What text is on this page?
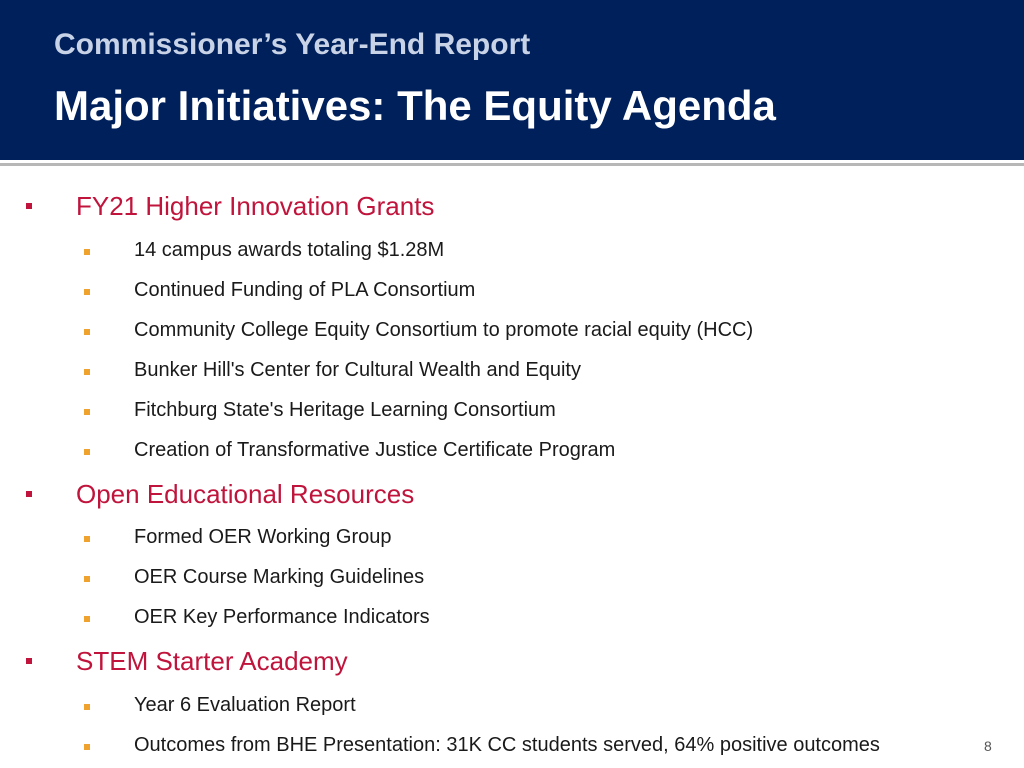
Commissioner’s Year-End Report
Major Initiatives: The Equity Agenda
FY21 Higher Innovation Grants
14 campus awards totaling $1.28M
Continued Funding of PLA Consortium
Community College Equity Consortium to promote racial equity (HCC)
Bunker Hill's Center for Cultural Wealth and Equity
Fitchburg State's Heritage Learning Consortium
Creation of Transformative Justice Certificate Program
Open Educational Resources
Formed OER Working Group
OER Course Marking Guidelines
OER Key Performance Indicators
STEM Starter Academy
Year 6 Evaluation Report
Outcomes from BHE Presentation: 31K CC students served, 64% positive outcomes	8
